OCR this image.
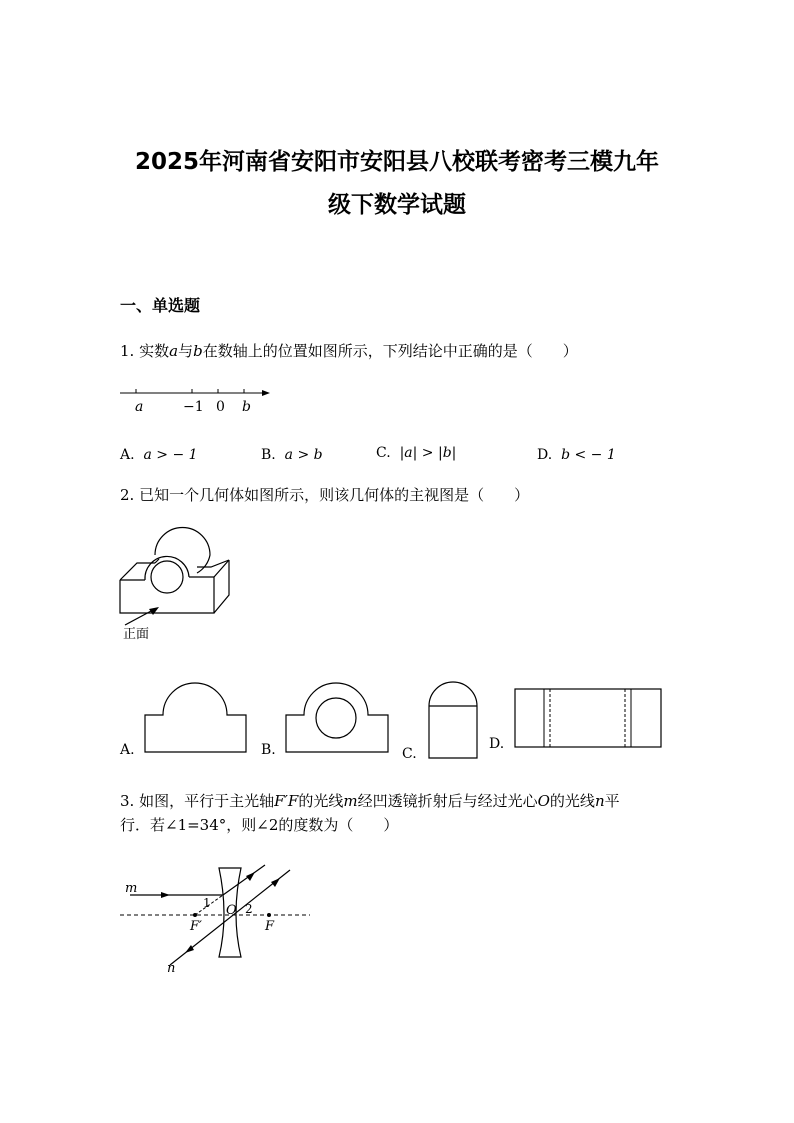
2025年河南省安阳市安阳县八校联考密考三模九年
级下数学试题
一、单选题
1. 实数a与b在数轴上的位置如图所示，下列结论中正确的是（　　）
a	−1 0 b
A. a > − 1	B. a > b	C. |a| > |b|	D. b < − 1
2. 已知一个几何体如图所示，则该几何体的主视图是（　　）
正面
A.	B.	C.
D.
3. 如图，平行于主光轴F′F的光线m经凹透镜折射后与经过光心O的光线n平
行．若∠1=34°，则∠2的度数为（　　）
m
n
1	2
O
F′	F
